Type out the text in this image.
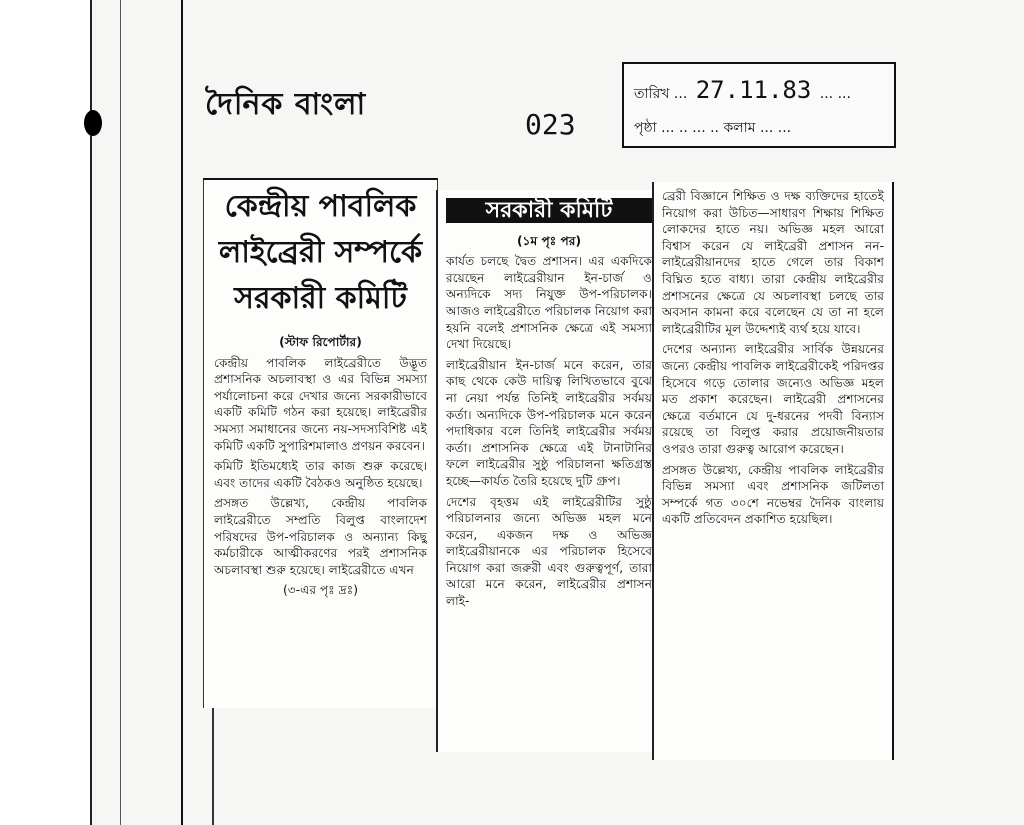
দৈনিক বাংলা
023
তারিখ ... 27.11.83 ... ...
পৃষ্ঠা ... .. ... .. কলাম ... ...
কেন্দ্রীয় পাবলিক
লাইব্রেরী সম্পর্কে
সরকারী কমিটি
(স্টাফ রিপোর্টার)

কেন্দ্রীয় পাবলিক লাইব্রেরীতে উদ্ভূত প্রশাসনিক অচলাবস্থা ও এর বিভিন্ন সমস্যা পর্যালোচনা করে দেখার জন্যে সরকারীভাবে একটি কমিটি গঠন করা হয়েছে। লাইব্রেরীর সমস্যা সমাধানের জন্যে নয়-সদস্যবিশিষ্ট এই কমিটি একটি সুপারিশমালাও প্রণয়ন করবেন।

কমিটি ইতিমধ্যেই তার কাজ শুরু করেছে। এবং তাদের একটি বৈঠকও অনুষ্ঠিত হয়েছে।

প্রসঙ্গত উল্লেখ্য, কেন্দ্রীয় পাবলিক লাইব্রেরীতে সম্প্রতি বিলুপ্ত বাংলাদেশ পরিষদের উপ-পরিচালক ও অন্যান্য কিছু কর্মচারীকে আত্মীকরণের পরই প্রশাসনিক অচলাবস্থা শুরু হয়েছে। লাইব্রেরীতে এখন

(৩-এর পৃঃ দ্রঃ)
সরকারী কমিটি
(১ম পৃঃ পর)

কার্যত চলছে দ্বৈত প্রশাসন। এর একদিকে রয়েছেন লাইব্রেরীয়ান ইন-চার্জ ও অন্যদিকে সদ্য নিযুক্ত উপ-পরিচালক। আজও লাইব্রেরীতে পরিচালক নিয়োগ করা হয়নি বলেই প্রশাসনিক ক্ষেত্রে এই সমস্যা দেখা দিয়েছে।

লাইব্রেরীয়ান ইন-চার্জ মনে করেন, তার কাছ থেকে কেউ দায়িত্ব লিখিতভাবে বুঝে না নেয়া পর্যন্ত তিনিই লাইব্রেরীর সর্বময় কর্তা। অন্যদিকে উপ-পরিচালক মনে করেন পদাধিকার বলে তিনিই লাইব্রেরীর সর্বময় কর্তা। প্রশাসনিক ক্ষেত্রে এই টানাটানির ফলে লাইব্রেরীর সুষ্ঠু পরিচালনা ক্ষতিগ্রস্ত হচ্ছে—কার্যত তৈরি হয়েছে দুটি গ্রুপ।

দেশের বৃহত্তম এই লাইব্রেরীটির সুষ্ঠু পরিচালনার জন্যে অভিজ্ঞ মহল মনে করেন, একজন দক্ষ ও অভিজ্ঞ লাইব্রেরীয়ানকে এর পরিচালক হিসেবে নিয়োগ করা জরুরী এবং গুরুত্বপূর্ণ, তারা আরো মনে করেন, লাইব্রেরীর প্রশাসন লাই-

ব্রেরী বিজ্ঞানে শিক্ষিত ও দক্ষ ব্যক্তিদের হাতেই নিয়োগ করা উচিত—সাধারণ শিক্ষায় শিক্ষিত লোকদের হাতে নয়। অভিজ্ঞ মহল আরো বিশ্বাস করেন যে লাইব্রেরী প্রশাসন নন-লাইব্রেরীয়ানদের হাতে গেলে তার বিকাশ বিঘ্নিত হতে বাধ্য। তারা কেন্দ্রীয় লাইব্রেরীর প্রশাসনের ক্ষেত্রে যে অচলাবস্থা চলছে তার অবসান কামনা করে বলেছেন যে তা না হলে লাইব্রেরীটির মূল উদ্দেশ্যই ব্যর্থ হয়ে যাবে।

দেশের অন্যান্য লাইব্রেরীর সার্বিক উন্নয়নের জন্যে কেন্দ্রীয় পাবলিক লাইব্রেরীকেই পরিদপ্তর হিসেবে গড়ে তোলার জন্যেও অভিজ্ঞ মহল মত প্রকাশ করেছেন। লাইব্রেরী প্রশাসনের ক্ষেত্রে বর্তমানে যে দু-ধরনের পদবী বিন্যাস রয়েছে তা বিলুপ্ত করার প্রয়োজনীয়তার ওপরও তারা গুরুত্ব আরোপ করেছেন।

প্রসঙ্গত উল্লেখ্য, কেন্দ্রীয় পাবলিক লাইব্রেরীর বিভিন্ন সমস্যা এবং প্রশাসনিক জটিলতা সম্পর্কে গত ৩০শে নভেম্বর দৈনিক বাংলায় একটি প্রতিবেদন প্রকাশিত হয়েছিল।
